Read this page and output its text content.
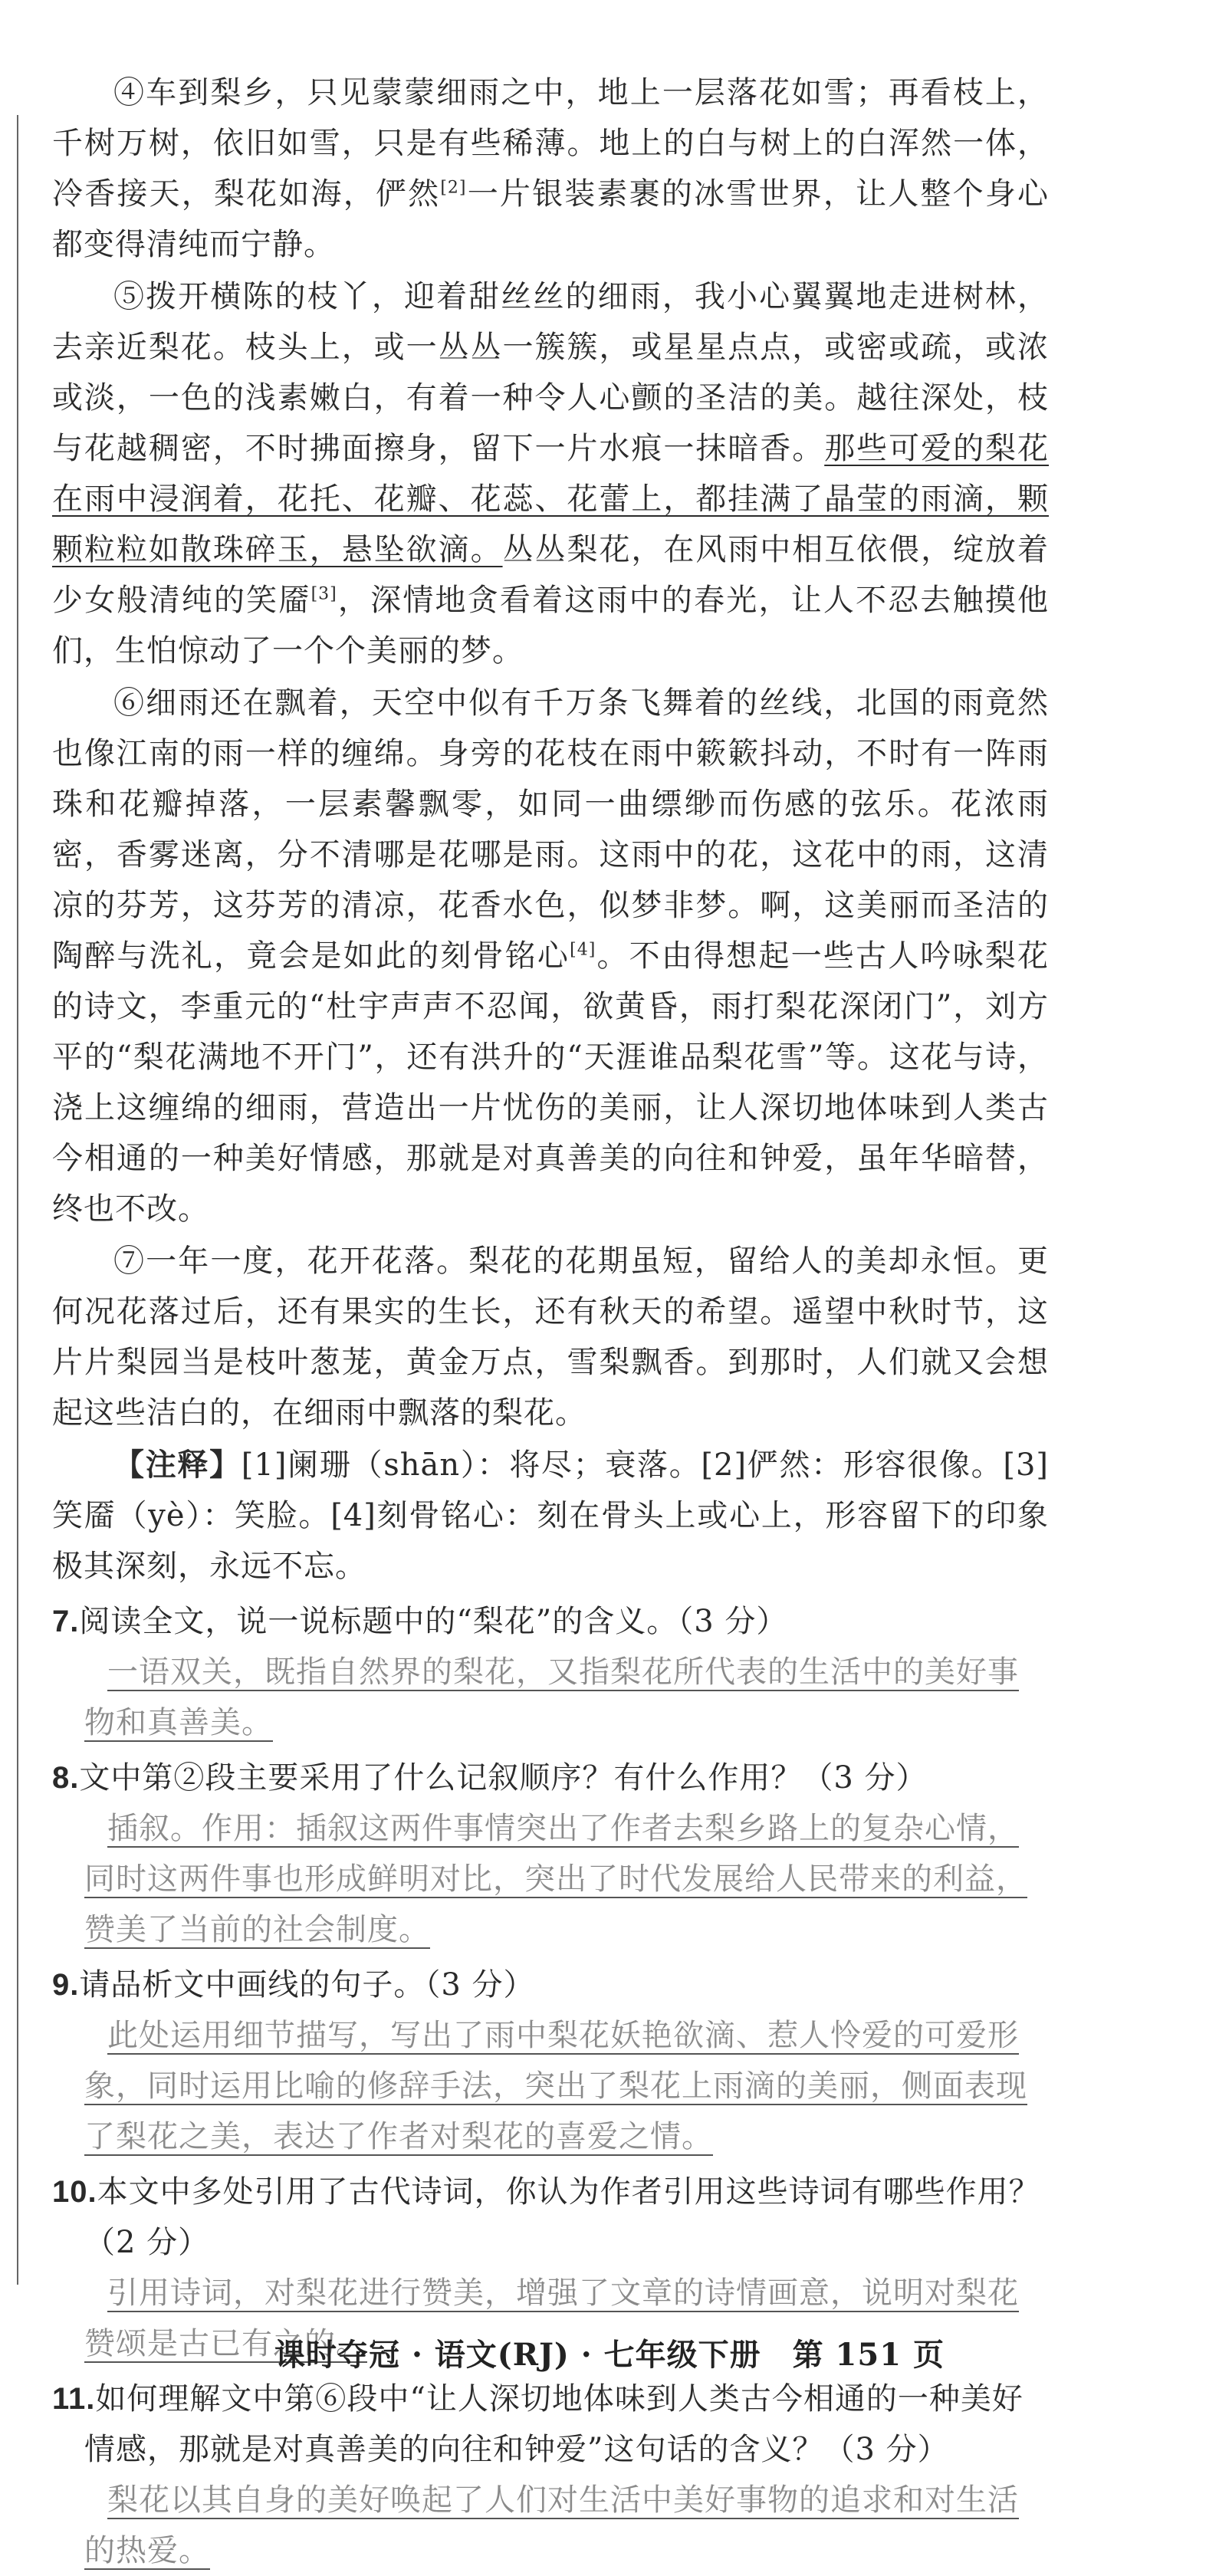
④车到梨乡，只见蒙蒙细雨之中，地上一层落花如雪；再看枝上，千树万树，依旧如雪，只是有些稀薄。地上的白与树上的白浑然一体，冷香接天，梨花如海，俨然[2]一片银装素裹的冰雪世界，让人整个身心都变得清纯而宁静。

⑤拨开横陈的枝丫，迎着甜丝丝的细雨，我小心翼翼地走进树林，去亲近梨花。枝头上，或一丛丛一簇簇，或星星点点，或密或疏，或浓或淡，一色的浅素嫩白，有着一种令人心颤的圣洁的美。越往深处，枝与花越稠密，不时拂面擦身，留下一片水痕一抹暗香。那些可爱的梨花在雨中浸润着，花托、花瓣、花蕊、花蕾上，都挂满了晶莹的雨滴，颗颗粒粒如散珠碎玉，悬坠欲滴。丛丛梨花，在风雨中相互依偎，绽放着少女般清纯的笑靥[3]，深情地贪看着这雨中的春光，让人不忍去触摸他们，生怕惊动了一个个美丽的梦。

⑥细雨还在飘着，天空中似有千万条飞舞着的丝线，北国的雨竟然也像江南的雨一样的缠绵。身旁的花枝在雨中簌簌抖动，不时有一阵雨珠和花瓣掉落，一层素馨飘零，如同一曲缥缈而伤感的弦乐。花浓雨密，香雾迷离，分不清哪是花哪是雨。这雨中的花，这花中的雨，这清凉的芬芳，这芬芳的清凉，花香水色，似梦非梦。啊，这美丽而圣洁的陶醉与洗礼，竟会是如此的刻骨铭心[4]。不由得想起一些古人吟咏梨花的诗文，李重元的“杜宇声声不忍闻，欲黄昏，雨打梨花深闭门”，刘方平的“梨花满地不开门”，还有洪升的“天涯谁品梨花雪”等。这花与诗，浇上这缠绵的细雨，营造出一片忧伤的美丽，让人深切地体味到人类古今相通的一种美好情感，那就是对真善美的向往和钟爱，虽年华暗替，终也不改。

⑦一年一度，花开花落。梨花的花期虽短，留给人的美却永恒。更何况花落过后，还有果实的生长，还有秋天的希望。遥望中秋时节，这片片梨园当是枝叶葱茏，黄金万点，雪梨飘香。到那时，人们就又会想起这些洁白的，在细雨中飘落的梨花。

【注释】[1]阑珊（shān）：将尽；衰落。[2]俨然：形容很像。[3]笑靥（yè）：笑脸。[4]刻骨铭心：刻在骨头上或心上，形容留下的印象极其深刻，永远不忘。

7.阅读全文，说一说标题中的“梨花”的含义。（3 分）

一语双关，既指自然界的梨花，又指梨花所代表的生活中的美好事物和真善美。

8.文中第②段主要采用了什么记叙顺序？有什么作用？（3 分）

插叙。作用：插叙这两件事情突出了作者去梨乡路上的复杂心情，同时这两件事也形成鲜明对比，突出了时代发展给人民带来的利益，赞美了当前的社会制度。

9.请品析文中画线的句子。（3 分）

此处运用细节描写，写出了雨中梨花妖艳欲滴、惹人怜爱的可爱形象，同时运用比喻的修辞手法，突出了梨花上雨滴的美丽，侧面表现了梨花之美，表达了作者对梨花的喜爱之情。

10.本文中多处引用了古代诗词，你认为作者引用这些诗词有哪些作用？（2 分）

引用诗词，对梨花进行赞美，增强了文章的诗情画意，说明对梨花赞颂是古已有之的。

11.如何理解文中第⑥段中“让人深切地体味到人类古今相通的一种美好情感，那就是对真善美的向往和钟爱”这句话的含义？（3 分）

梨花以其自身的美好唤起了人们对生活中美好事物的追求和对生活的热爱。

课时夺冠 · 语文(RJ) · 七年级下册　第 151 页
